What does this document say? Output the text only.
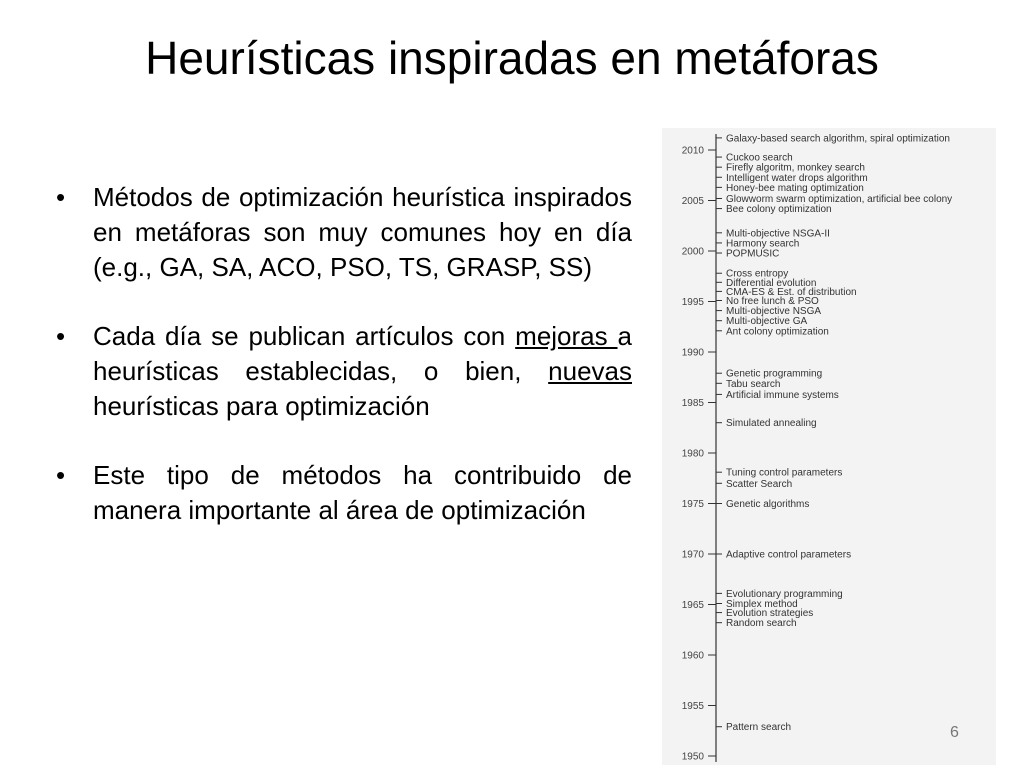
Heurísticas inspiradas en metáforas
• Métodos de optimización heurística inspirados en metáforas son muy comunes hoy en día (e.g., GA, SA, ACO, PSO, TS, GRASP, SS)
• Cada día se publican artículos con mejoras a heurísticas establecidas, o bien, nuevas heurísticas para optimización
• Este tipo de métodos ha contribuido de manera importante al área de optimización
2010
2005
2000
1995
1990
1985
1980
1975
1970
1965
1960
1955
1950
Galaxy-based search algorithm, spiral optimization
Cuckoo search
Firefly algoritm, monkey search
Intelligent water drops algorithm
Honey-bee mating optimization
Glowworm swarm optimization, artificial bee colony
Bee colony optimization
Multi-objective NSGA-II
Harmony search
POPMUSIC
Cross entropy
Differential evolution
CMA-ES & Est. of distribution
No free lunch & PSO
Multi-objective NSGA
Multi-objective GA
Ant colony optimization
Genetic programming
Tabu search
Artificial immune systems
Simulated annealing
Tuning control parameters
Scatter Search
Genetic algorithms
Adaptive control parameters
Evolutionary programming
Simplex method
Evolution strategies
Random search
Pattern search	6
